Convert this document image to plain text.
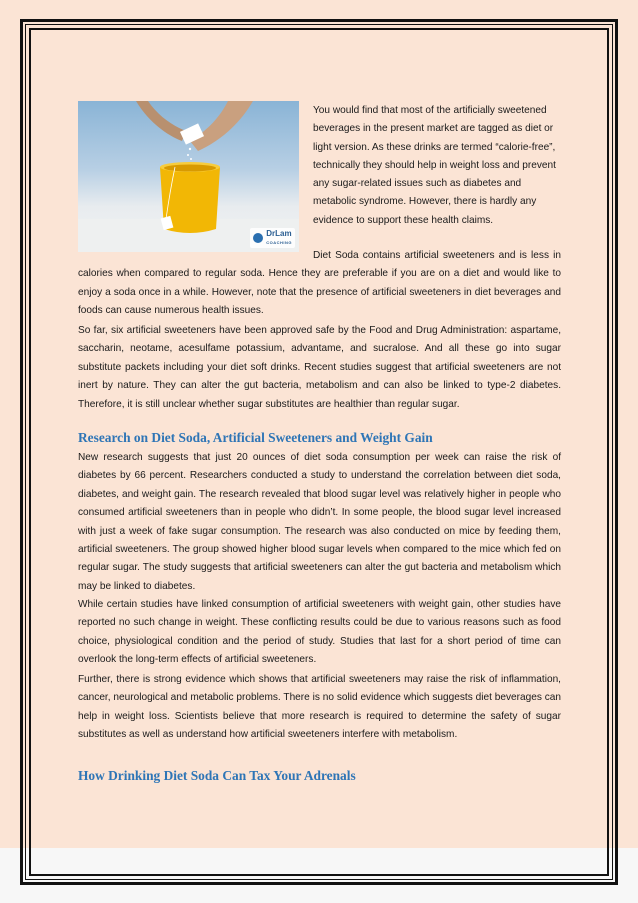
DrLam
COACHING

You would find that most of the artificially sweetened beverages in the present market are tagged as diet or light version. As these drinks are termed “calorie-free”, technically they should help in weight loss and prevent any sugar-related issues such as diabetes and metabolic syndrome. However, there is hardly any evidence to support these health claims.

Diet Soda contains artificial sweeteners and is less in calories when compared to regular soda. Hence they are preferable if you are on a diet and would like to enjoy a soda once in a while. However, note that the presence of artificial sweeteners in diet beverages and foods can cause numerous health issues.

So far, six artificial sweeteners have been approved safe by the Food and Drug Administration: aspartame, saccharin, neotame, acesulfame potassium, advantame, and sucralose. And all these go into sugar substitute packets including your diet soft drinks. Recent studies suggest that artificial sweeteners are not inert by nature. They can alter the gut bacteria, metabolism and can also be linked to type-2 diabetes. Therefore, it is still unclear whether sugar substitutes are healthier than regular sugar.

Research on Diet Soda, Artificial Sweeteners and Weight Gain

New research suggests that just 20 ounces of diet soda consumption per week can raise the risk of diabetes by 66 percent. Researchers conducted a study to understand the correlation between diet soda, diabetes, and weight gain. The research revealed that blood sugar level was relatively higher in people who consumed artificial sweeteners than in people who didn’t. In some people, the blood sugar level increased with just a week of fake sugar consumption. The research was also conducted on mice by feeding them, artificial sweeteners. The group showed higher blood sugar levels when compared to the mice which fed on regular sugar. The study suggests that artificial sweeteners can alter the gut bacteria and metabolism which may be linked to diabetes.

While certain studies have linked consumption of artificial sweeteners with weight gain, other studies have reported no such change in weight. These conflicting results could be due to various reasons such as food choice, physiological condition and the period of study. Studies that last for a short period of time can overlook the long-term effects of artificial sweeteners.

Further, there is strong evidence which shows that artificial sweeteners may raise the risk of inflammation, cancer, neurological and metabolic problems. There is no solid evidence which suggests diet beverages can help in weight loss. Scientists believe that more research is required to determine the safety of sugar substitutes as well as understand how artificial sweeteners interfere with metabolism.

How Drinking Diet Soda Can Tax Your Adrenals
